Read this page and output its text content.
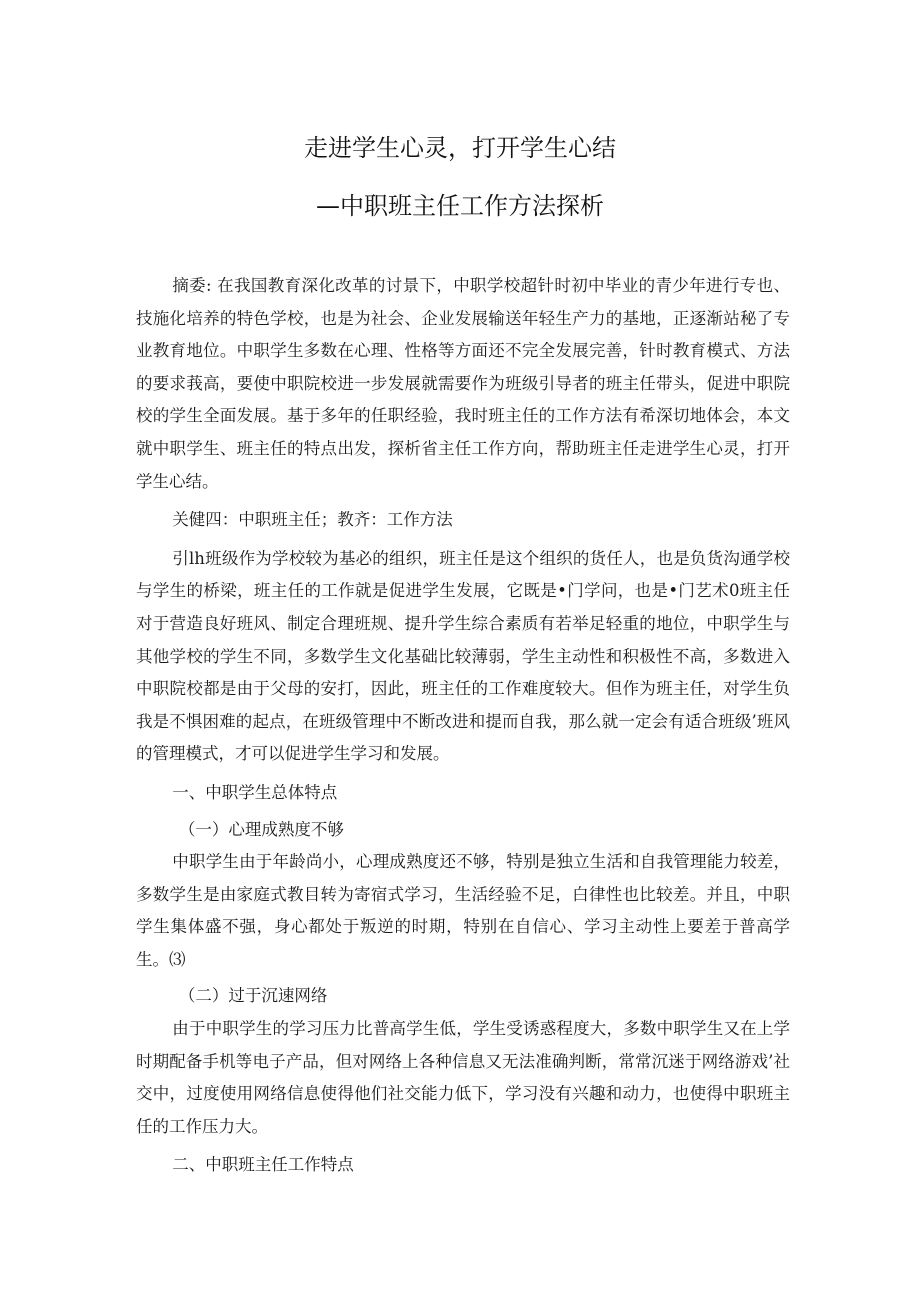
走进学生心灵，打开学生心结
—中职班主任工作方法探析

摘委: 在我国教育深化改革的讨景下，中职学校超针时初中毕业的青少年进行专也、技施化培养的特色学校，也是为社会、企业发展输送年轻生产力的基地，正逐渐站秘了专业教育地位。中职学生多数在心理、性格等方面还不完全发展完善，针时教育模式、方法的要求莪高，要使中职院校进一步发展就需要作为班级引导者的班主任带头，促进中职院校的学生全面发展。基于多年的任职经验，我时班主任的工作方法有希深切地体会，本文就中职学生、班主任的特点出发，探析省主任工作方向，帮助班主任走进学生心灵，打开学生心结。

关健四：中职班主任；教齐：工作方法

引lh班级作为学校较为基必的组织，班主任是这个组织的货任人，也是负货沟通学校与学生的桥梁，班主任的工作就是促进学生发展，它既是•门学问，也是•门艺术0班主任对于营造良好班风、制定合理班规、提升学生综合素质有若举足轻重的地位，中职学生与其他学校的学生不同，多数学生文化基础比较薄弱，学生主动性和积极性不高，多数进入中职院校都是由于父母的安打，因此，班主任的工作难度较大。但作为班主任，对学生负我是不惧困难的起点，在班级管理中不断改进和提而自我，那么就一定会有适合班级’班风的管理模式，才可以促进学生学习和发展。

一、中职学生总体特点

（一）心理成熟度不够

中职学生由于年龄尚小，心理成熟度还不够，特别是独立生活和自我管理能力较差，多数学生是由家庭式教目转为寄宿式学习，生活经验不足，白律性也比较差。并且，中职学生集体盛不强，身心都处于叛逆的时期，特别在自信心、学习主动性上要差于普高学生。⑶

（二）过于沉速网络

由于中职学生的学习压力比普高学生低，学生受诱惑程度大，多数中职学生又在上学时期配备手机等电子产品，但对网络上各种信息又无法准确判断，常常沉迷于网络游戏’社交中，过度使用网络信息使得他们社交能力低下，学习没有兴趣和动力，也使得中职班主任的工作压力大。

二、中职班主任工作特点
